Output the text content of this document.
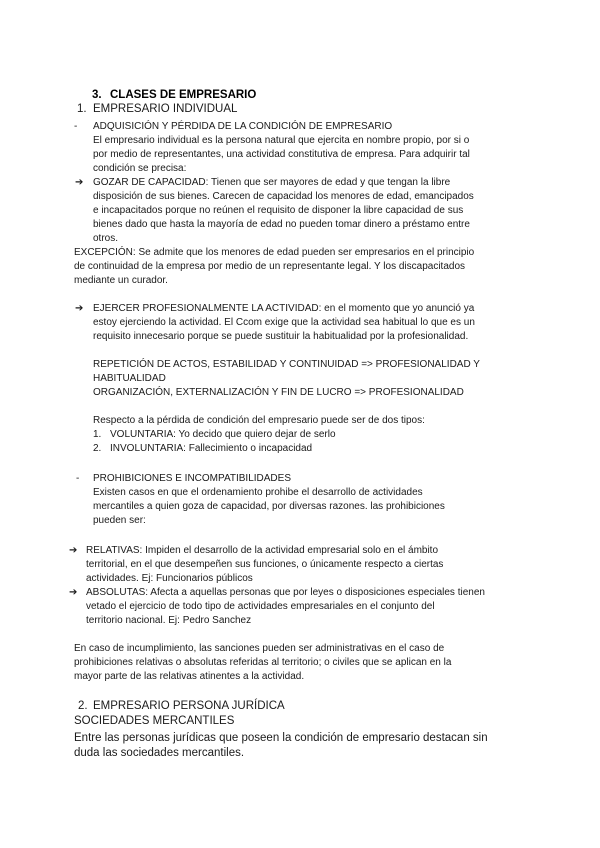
3. CLASES DE EMPRESARIO
1. EMPRESARIO INDIVIDUAL
- ADQUISICIÓN Y PÉRDIDA DE LA CONDICIÓN DE EMPRESARIO
El empresario individual es la persona natural que ejercita en nombre propio, por si o
por medio de representantes, una actividad constitutiva de empresa. Para adquirir tal
condición se precisa:
➔ GOZAR DE CAPACIDAD: Tienen que ser mayores de edad y que tengan la libre
disposición de sus bienes. Carecen de capacidad los menores de edad, emancipados
e incapacitados porque no reúnen el requisito de disponer la libre capacidad de sus
bienes dado que hasta la mayoría de edad no pueden tomar dinero a préstamo entre
otros.
EXCEPCIÓN: Se admite que los menores de edad pueden ser empresarios en el principio
de continuidad de la empresa por medio de un representante legal. Y los discapacitados
mediante un curador.
➔ EJERCER PROFESIONALMENTE LA ACTIVIDAD: en el momento que yo anunció ya
estoy ejerciendo la actividad. El Ccom exige que la actividad sea habitual lo que es un
requisito innecesario porque se puede sustituir la habitualidad por la profesionalidad.
REPETICIÓN DE ACTOS, ESTABILIDAD Y CONTINUIDAD => PROFESIONALIDAD Y
HABITUALIDAD
ORGANIZACIÓN, EXTERNALIZACIÓN Y FIN DE LUCRO => PROFESIONALIDAD
Respecto a la pérdida de condición del empresario puede ser de dos tipos:
1. VOLUNTARIA: Yo decido que quiero dejar de serlo
2. INVOLUNTARIA: Fallecimiento o incapacidad
- PROHIBICIONES E INCOMPATIBILIDADES
Existen casos en que el ordenamiento prohibe el desarrollo de actividades
mercantiles a quien goza de capacidad, por diversas razones. las prohibiciones
pueden ser:
➔ RELATIVAS: Impiden el desarrollo de la actividad empresarial solo en el ámbito
territorial, en el que desempeñen sus funciones, o únicamente respecto a ciertas
actividades. Ej: Funcionarios públicos
➔ ABSOLUTAS: Afecta a aquellas personas que por leyes o disposiciones especiales tienen
vetado el ejercicio de todo tipo de actividades empresariales en el conjunto del
territorio nacional. Ej: Pedro Sanchez
En caso de incumplimiento, las sanciones pueden ser administrativas en el caso de
prohibiciones relativas o absolutas referidas al territorio; o civiles que se aplican en la
mayor parte de las relativas atinentes a la actividad.
2. EMPRESARIO PERSONA JURÍDICA
SOCIEDADES MERCANTILES
Entre las personas jurídicas que poseen la condición de empresario destacan sin
duda las sociedades mercantiles.
